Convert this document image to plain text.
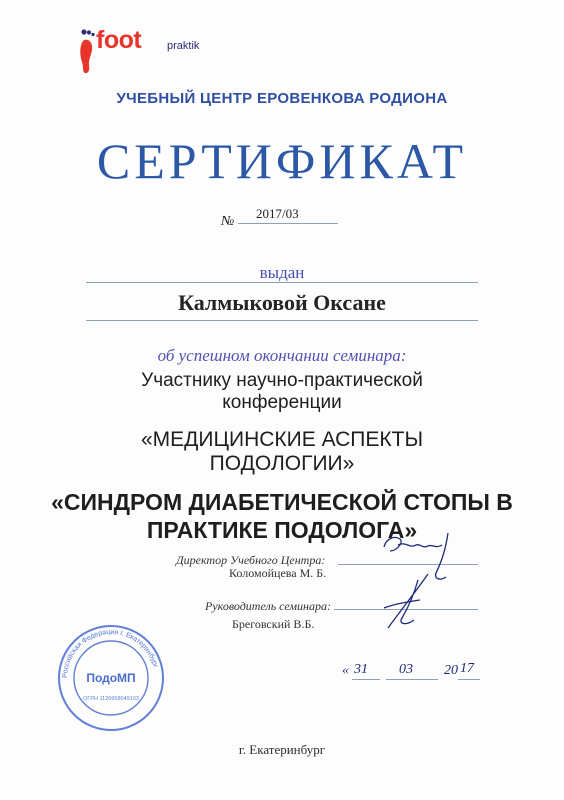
foot praktik
УЧЕБНЫЙ ЦЕНТР ЕРОВЕНКОВА РОДИОНА
СЕРТИФИКАТ
№
2017/03
выдан
Калмыковой Оксане
об успешном окончании семинара:
Участнику научно-практической
конференции
«МЕДИЦИНСКИЕ АСПЕКТЫ
ПОДОЛОГИИ»
«СИНДРОМ ДИАБЕТИЧЕСКОЙ СТОПЫ В
ПРАКТИКЕ ПОДОЛОГА»
Директор Учебного Центра:
Коломойцева М. Б.
Руководитель семинара:
Бреговский В.Б.
« 31 03 20 17
Российская Федерация г. Екатеринбург
ПодоМП
ОГРН 1126658049103
г. Екатеринбург
